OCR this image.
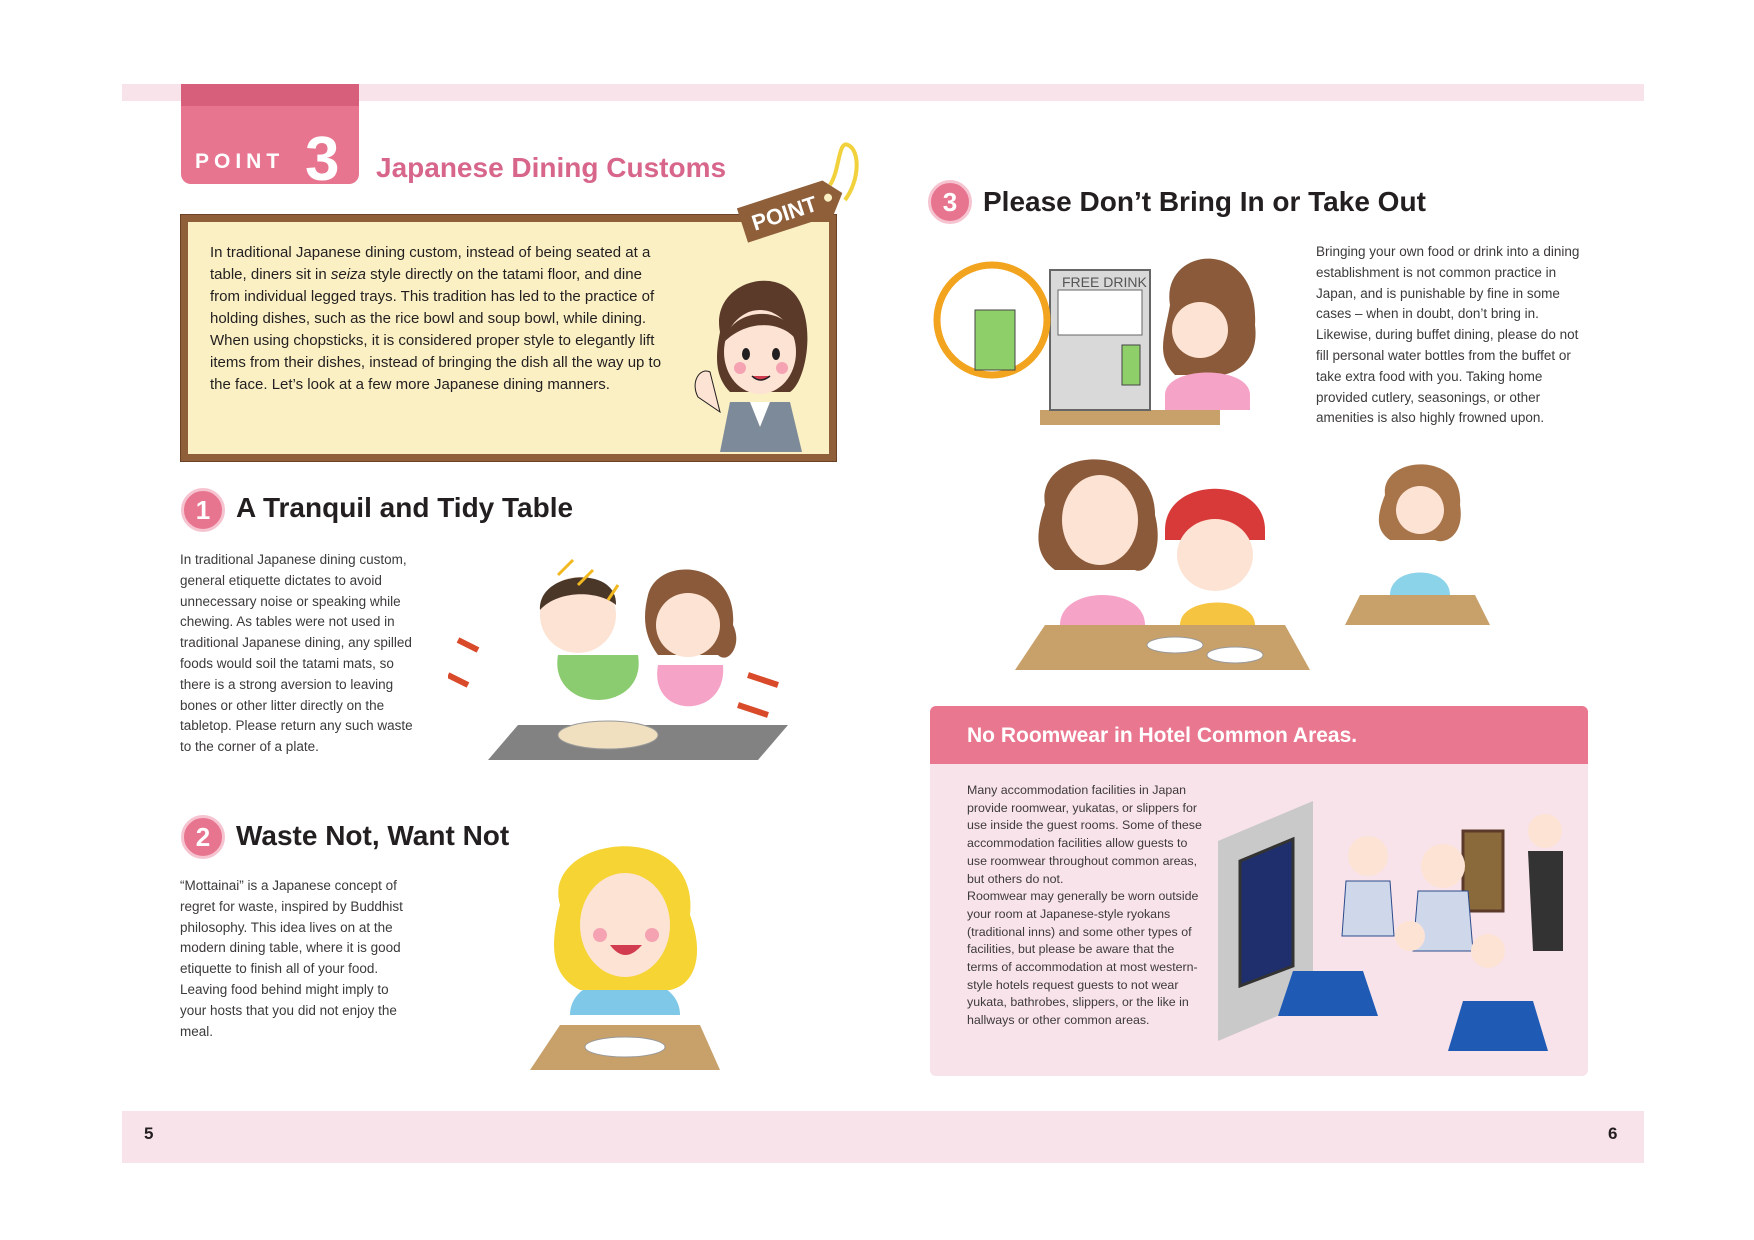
5	6
POINT 3 Japanese Dining Customs

In traditional Japanese dining custom, instead of being seated at a table, diners sit in seiza style directly on the tatami floor, and dine from individual legged trays. This tradition has led to the practice of holding dishes, such as the rice bowl and soup bowl, while dining. When using chopsticks, it is considered proper style to elegantly lift items from their dishes, instead of bringing the dish all the way up to the face. Let’s look at a few more Japanese dining manners.

POINT
1 A Tranquil and Tidy Table

In traditional Japanese dining custom, general etiquette dictates to avoid unnecessary noise or speaking while chewing. As tables were not used in traditional Japanese dining, any spilled foods would soil the tatami mats, so there is a strong aversion to leaving bones or other litter directly on the tabletop. Please return any such waste to the corner of a plate.

2 Waste Not, Want Not

“Mottainai” is a Japanese concept of regret for waste, inspired by Buddhist philosophy. This idea lives on at the modern dining table, where it is good etiquette to finish all of your food. Leaving food behind might imply to your hosts that you did not enjoy the meal.

3 Please Don’t Bring In or Take Out

Bringing your own food or drink into a dining establishment is not common practice in Japan, and is punishable by fine in some cases – when in doubt, don’t bring in. Likewise, during buffet dining, please do not fill personal water bottles from the buffet or take extra food with you. Taking home provided cutlery, seasonings, or other amenities is also highly frowned upon.

FREE DRINK
No Roomwear in Hotel Common Areas.

Many accommodation facilities in Japan provide roomwear, yukatas, or slippers for use inside the guest rooms. Some of these accommodation facilities allow guests to use roomwear throughout common areas, but others do not.
Roomwear may generally be worn outside your room at Japanese-style ryokans (traditional inns) and some other types of facilities, but please be aware that the terms of accommodation at most western-style hotels request guests to not wear yukata, bathrobes, slippers, or the like in hallways or other common areas.
